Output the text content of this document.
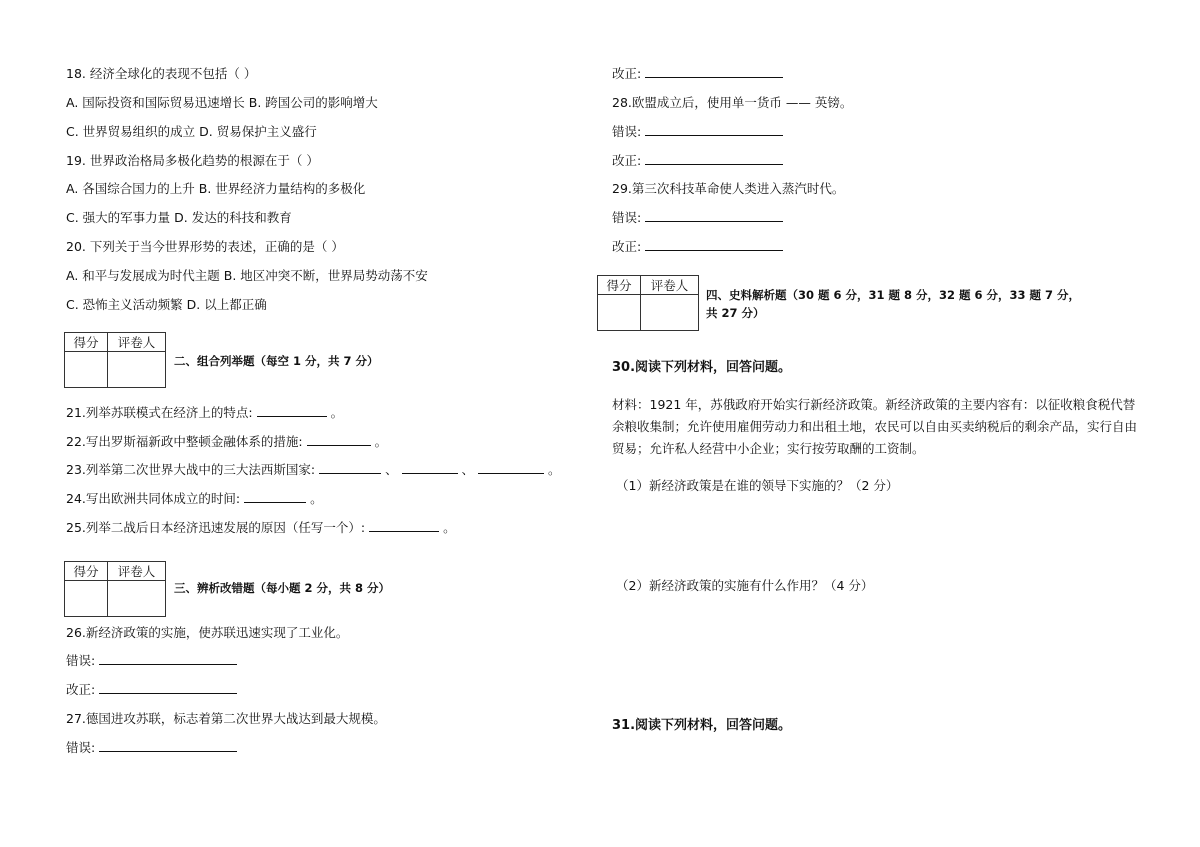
18. 经济全球化的表现不包括（ ）
A. 国际投资和国际贸易迅速增长 B. 跨国公司的影响增大
C. 世界贸易组织的成立 D. 贸易保护主义盛行
19. 世界政治格局多极化趋势的根源在于（ ）
A. 各国综合国力的上升 B. 世界经济力量结构的多极化
C. 强大的军事力量 D. 发达的科技和教育
20. 下列关于当今世界形势的表述，正确的是（ ）
A. 和平与发展成为时代主题 B. 地区冲突不断，世界局势动荡不安
C. 恐怖主义活动频繁 D. 以上都正确
得分	评卷人

二、组合列举题（每空 1 分，共 7 分）
21.列举苏联模式在经济上的特点:	。
22.写出罗斯福新政中整顿金融体系的措施:	。
23.列举第二次世界大战中的三大法西斯国家:	、	、	。
24.写出欧洲共同体成立的时间:	。
25.列举二战后日本经济迅速发展的原因（任写一个）:	。
得分	评卷人

三、辨析改错题（每小题 2 分，共 8 分）
26.新经济政策的实施，使苏联迅速实现了工业化。
错误:
改正:
27.德国进攻苏联，标志着第二次世界大战达到最大规模。
错误:
改正:
28.欧盟成立后，使用单一货币 —— 英镑。
错误:
改正:
29.第三次科技革命使人类进入蒸汽时代。
错误:
改正:
得分	评卷人

四、史料解析题（30 题 6 分，31 题 8 分，32 题 6 分，33 题 7 分，
共 27 分）
30.阅读下列材料，回答问题。
材料：1921 年，苏俄政府开始实行新经济政策。新经济政策的主要内容有：以征收粮食税代替余粮收集制；允许使用雇佣劳动力和出租土地，农民可以自由买卖纳税后的剩余产品，实行自由贸易；允许私人经营中小企业；实行按劳取酬的工资制。
（1）新经济政策是在谁的领导下实施的？（2 分）
（2）新经济政策的实施有什么作用？（4 分）
31.阅读下列材料，回答问题。
